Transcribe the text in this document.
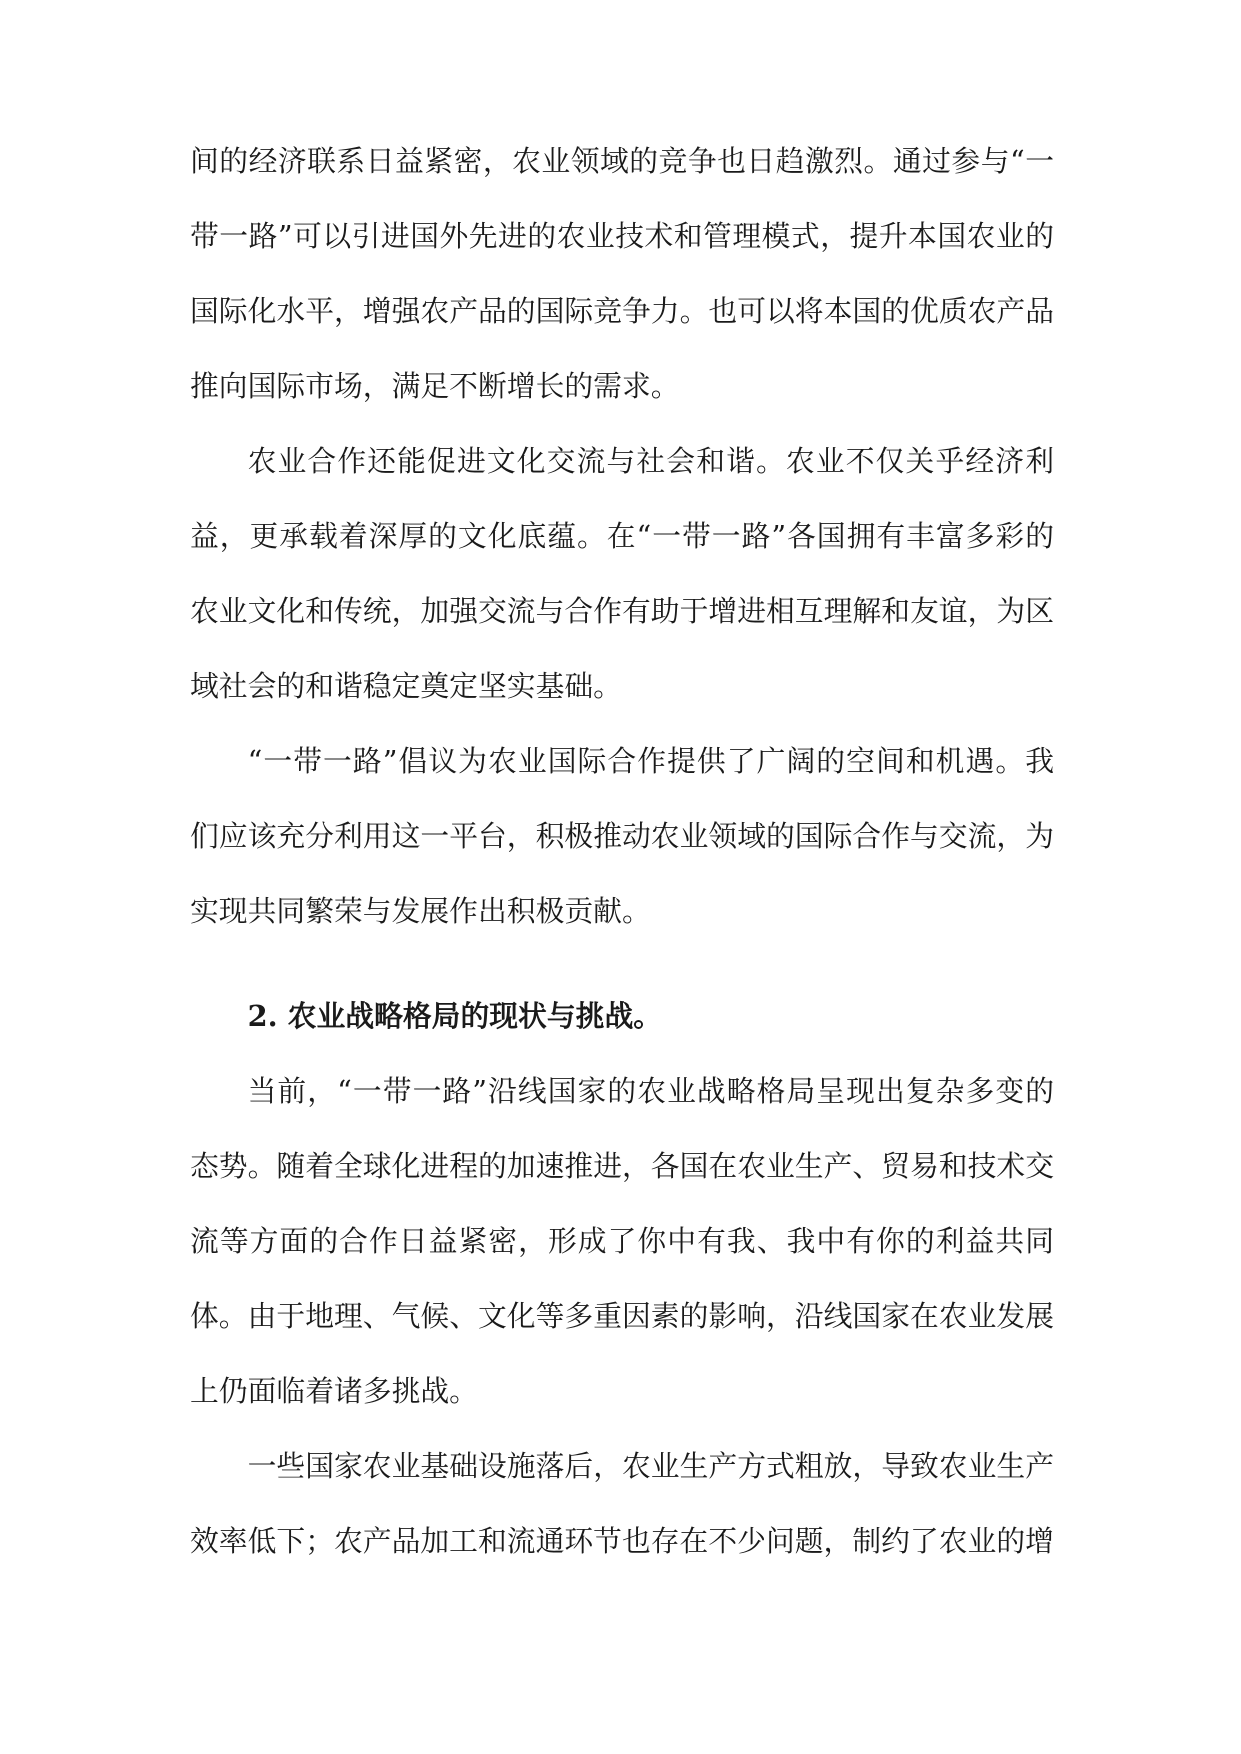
间的经济联系日益紧密，农业领域的竞争也日趋激烈。通过参与“一带一路”可以引进国外先进的农业技术和管理模式，提升本国农业的国际化水平，增强农产品的国际竞争力。也可以将本国的优质农产品推向国际市场，满足不断增长的需求。

农业合作还能促进文化交流与社会和谐。农业不仅关乎经济利益，更承载着深厚的文化底蕴。在“一带一路”各国拥有丰富多彩的农业文化和传统，加强交流与合作有助于增进相互理解和友谊，为区域社会的和谐稳定奠定坚实基础。

“一带一路”倡议为农业国际合作提供了广阔的空间和机遇。我们应该充分利用这一平台，积极推动农业领域的国际合作与交流，为实现共同繁荣与发展作出积极贡献。

2. 农业战略格局的现状与挑战。

当前，“一带一路”沿线国家的农业战略格局呈现出复杂多变的态势。随着全球化进程的加速推进，各国在农业生产、贸易和技术交流等方面的合作日益紧密，形成了你中有我、我中有你的利益共同体。由于地理、气候、文化等多重因素的影响，沿线国家在农业发展上仍面临着诸多挑战。

一些国家农业基础设施落后，农业生产方式粗放，导致农业生产效率低下；农产品加工和流通环节也存在不少问题，制约了农业的增
